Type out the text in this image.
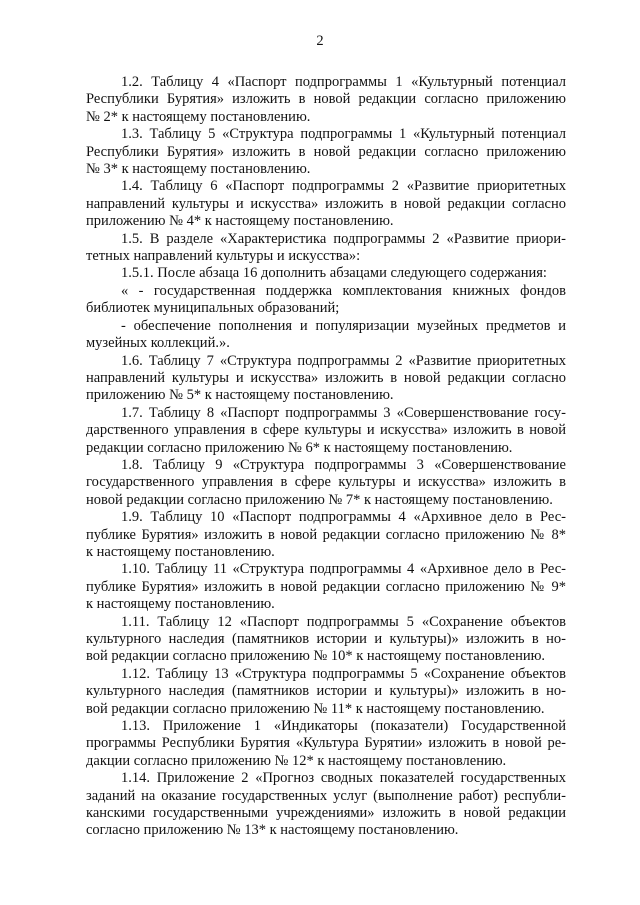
2
1.2. Таблицу 4 «Паспорт подпрограммы 1 «Культурный потенциал
Республики Бурятия» изложить в новой редакции согласно приложению
№ 2* к настоящему постановлению.
1.3. Таблицу 5 «Структура подпрограммы 1 «Культурный потенциал
Республики Бурятия» изложить в новой редакции согласно приложению
№ 3* к настоящему постановлению.
1.4. Таблицу 6 «Паспорт подпрограммы 2 «Развитие приоритетных
направлений культуры и искусства» изложить в новой редакции согласно
приложению № 4* к настоящему постановлению.
1.5. В разделе «Характеристика подпрограммы 2 «Развитие приори-
тетных направлений культуры и искусства»:
1.5.1. После абзаца 16 дополнить абзацами следующего содержания:
« - государственная поддержка комплектования книжных фондов
библиотек муниципальных образований;
- обеспечение пополнения и популяризации музейных предметов и
музейных коллекций.».
1.6. Таблицу 7 «Структура подпрограммы 2 «Развитие приоритетных
направлений культуры и искусства» изложить в новой редакции согласно
приложению № 5* к настоящему постановлению.
1.7. Таблицу 8 «Паспорт подпрограммы 3 «Совершенствование госу-
дарственного управления в сфере культуры и искусства» изложить в новой
редакции согласно приложению № 6* к настоящему постановлению.
1.8. Таблицу 9 «Структура подпрограммы 3 «Совершенствование
государственного управления в сфере культуры и искусства» изложить в
новой редакции согласно приложению № 7* к настоящему постановлению.
1.9. Таблицу 10 «Паспорт подпрограммы 4 «Архивное дело в Рес-
публике Бурятия» изложить в новой редакции согласно приложению № 8*
к настоящему постановлению.
1.10. Таблицу 11 «Структура подпрограммы 4 «Архивное дело в Рес-
публике Бурятия» изложить в новой редакции согласно приложению № 9*
к настоящему постановлению.
1.11. Таблицу 12 «Паспорт подпрограммы 5 «Сохранение объектов
культурного наследия (памятников истории и культуры)» изложить в но-
вой редакции согласно приложению № 10* к настоящему постановлению.
1.12. Таблицу 13 «Структура подпрограммы 5 «Сохранение объектов
культурного наследия (памятников истории и культуры)» изложить в но-
вой редакции согласно приложению № 11* к настоящему постановлению.
1.13. Приложение 1 «Индикаторы (показатели) Государственной
программы Республики Бурятия «Культура Бурятии» изложить в новой ре-
дакции согласно приложению № 12* к настоящему постановлению.
1.14. Приложение 2 «Прогноз сводных показателей государственных
заданий на оказание государственных услуг (выполнение работ) республи-
канскими государственными учреждениями» изложить в новой редакции
согласно приложению № 13* к настоящему постановлению.
